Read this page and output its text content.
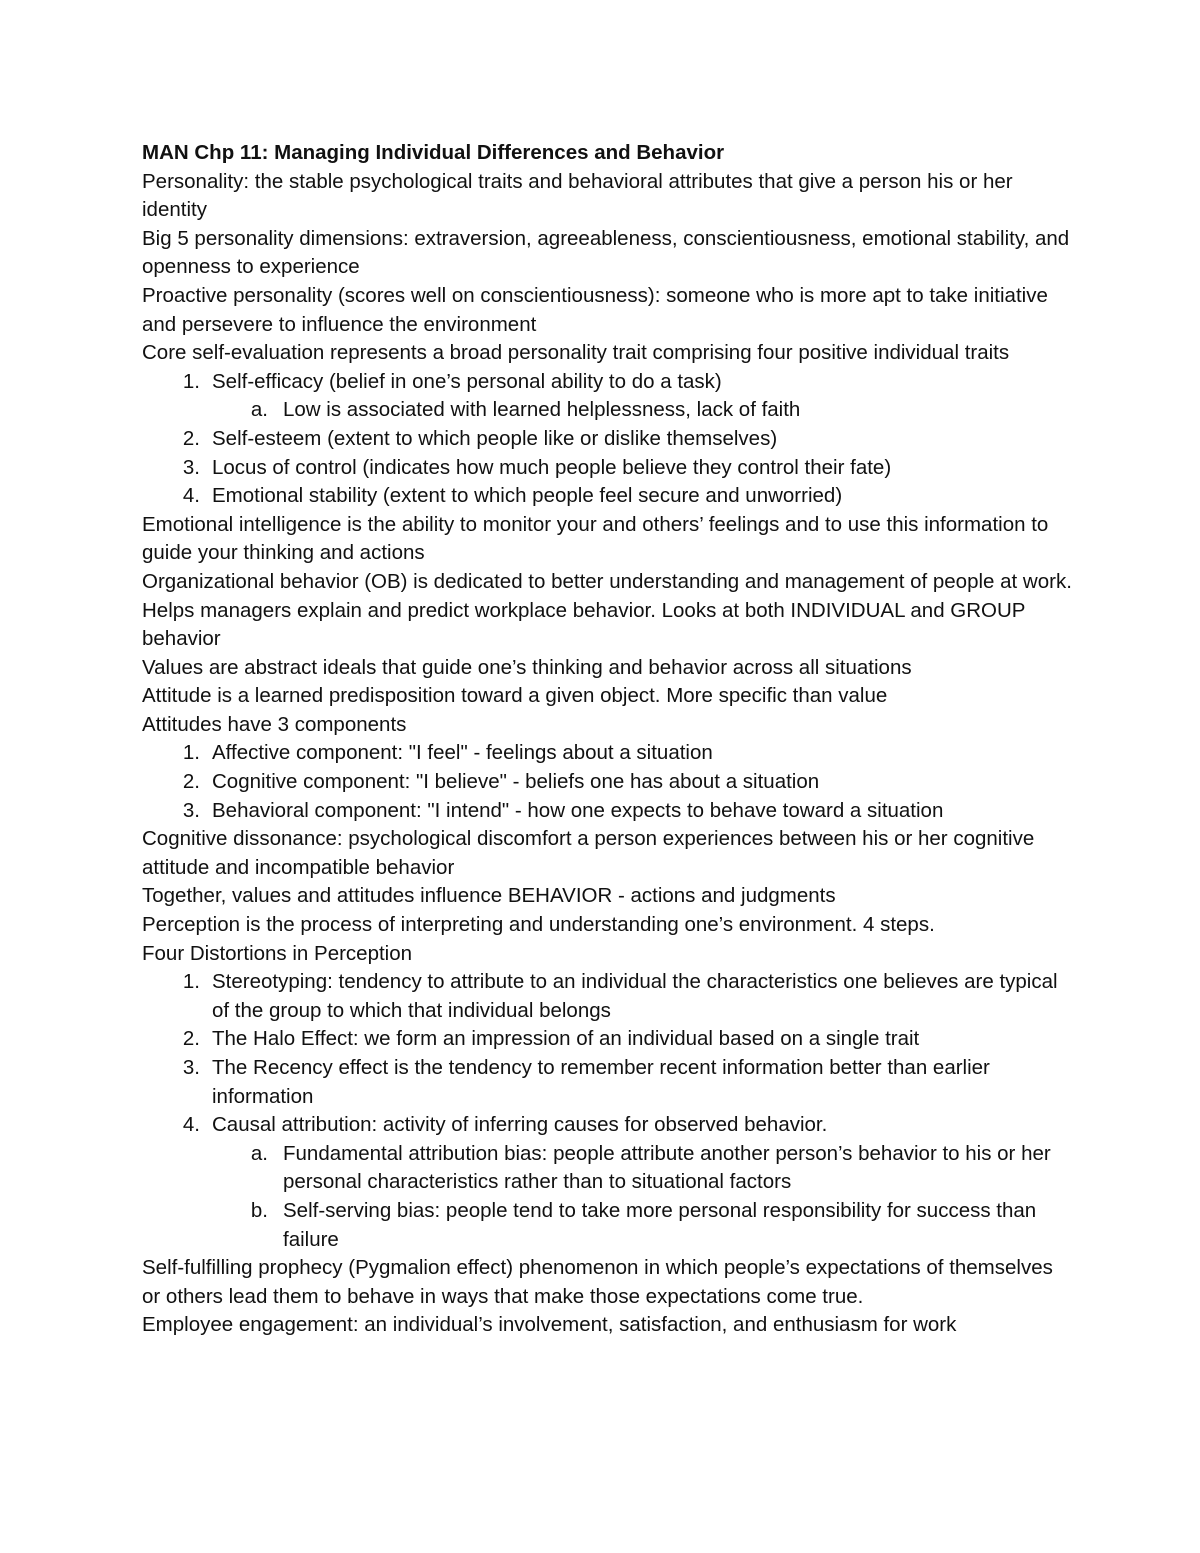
MAN Chp 11: Managing Individual Differences and Behavior

Personality: the stable psychological traits and behavioral attributes that give a person his or her identity

Big 5 personality dimensions: extraversion, agreeableness, conscientiousness, emotional stability, and openness to experience

Proactive personality (scores well on conscientiousness): someone who is more apt to take initiative and persevere to influence the environment

Core self-evaluation represents a broad personality trait comprising four positive individual traits

1. Self-efficacy (belief in one’s personal ability to do a task)
a. Low is associated with learned helplessness, lack of faith
2. Self-esteem (extent to which people like or dislike themselves)
3. Locus of control (indicates how much people believe they control their fate)
4. Emotional stability (extent to which people feel secure and unworried)

Emotional intelligence is the ability to monitor your and others’ feelings and to use this information to guide your thinking and actions

Organizational behavior (OB) is dedicated to better understanding and management of people at work.

Helps managers explain and predict workplace behavior. Looks at both INDIVIDUAL and GROUP behavior

Values are abstract ideals that guide one’s thinking and behavior across all situations

Attitude is a learned predisposition toward a given object. More specific than value

Attitudes have 3 components

1. Affective component: "I feel" - feelings about a situation
2. Cognitive component: "I believe" - beliefs one has about a situation
3. Behavioral component: "I intend" - how one expects to behave toward a situation

Cognitive dissonance: psychological discomfort a person experiences between his or her cognitive attitude and incompatible behavior

Together, values and attitudes influence BEHAVIOR - actions and judgments

Perception is the process of interpreting and understanding one’s environment. 4 steps.

Four Distortions in Perception

1. Stereotyping: tendency to attribute to an individual the characteristics one believes are typical of the group to which that individual belongs
2. The Halo Effect: we form an impression of an individual based on a single trait
3. The Recency effect is the tendency to remember recent information better than earlier information
4. Causal attribution: activity of inferring causes for observed behavior.
a. Fundamental attribution bias: people attribute another person’s behavior to his or her personal characteristics rather than to situational factors
b. Self-serving bias: people tend to take more personal responsibility for success than failure

Self-fulfilling prophecy (Pygmalion effect) phenomenon in which people’s expectations of themselves or others lead them to behave in ways that make those expectations come true.

Employee engagement: an individual’s involvement, satisfaction, and enthusiasm for work
